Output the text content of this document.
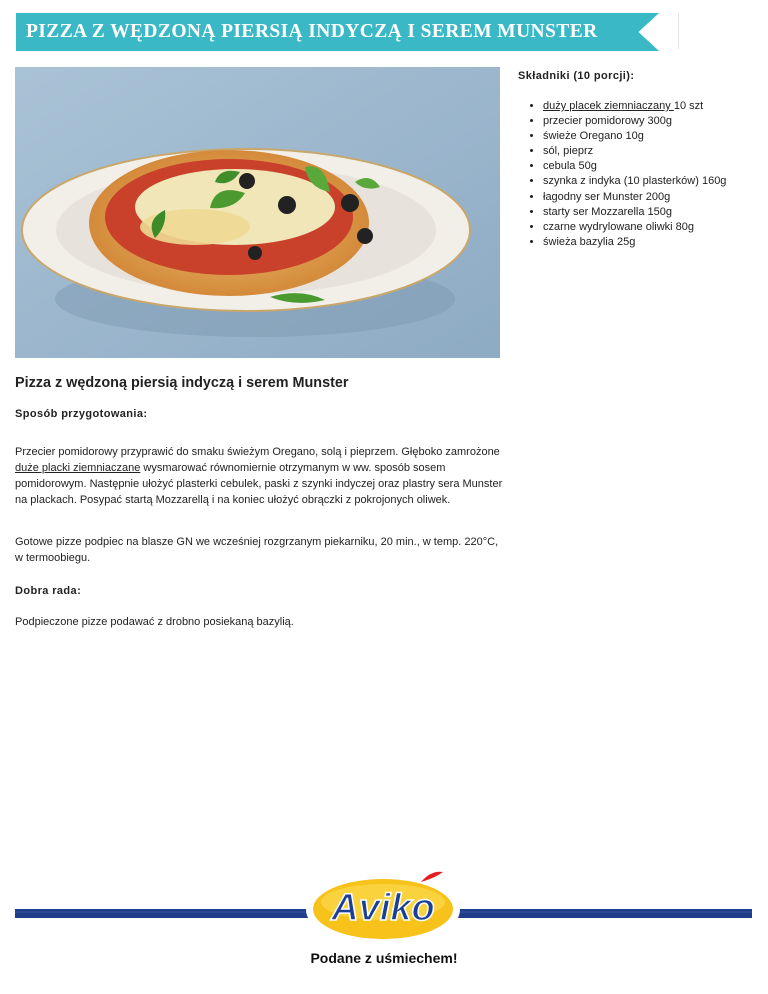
PIZZA Z WĘDZONĄ PIERSIĄ INDYCZĄ I SEREM MUNSTER
Składniki (10 porcji):
• duży placek ziemniaczany 10 szt
• przecier pomidorowy 300g
• świeże Oregano 10g
• sól, pieprz
• cebula 50g
• szynka z indyka (10 plasterków) 160g
• łagodny ser Munster 200g
• starty ser Mozzarella 150g
• czarne wydrylowane oliwki 80g
• świeża bazylia 25g
Pizza z wędzoną piersią indyczą i serem Munster
Sposób przygotowania:

Przecier pomidorowy przyprawić do smaku świeżym Oregano, solą i pieprzem. Głęboko zamrożone duże placki ziemniaczane wysmarować równomiernie otrzymanym w ww. sposób sosem pomidorowym. Następnie ułożyć plasterki cebulek, paski z szynki indyczej oraz plastry sera Munster na plackach. Posypać startą Mozzarellą i na koniec ułożyć obrączki z pokrojonych oliwek.

Gotowe pizze podpiec na blasze GN we wcześniej rozgrzanym piekarniku, 20 min., w temp. 220°C, w termoobiegu.

Dobra rada:

Podpieczone pizze podawać z drobno posiekaną bazylią.

Aviko
Podane z uśmiechem!
